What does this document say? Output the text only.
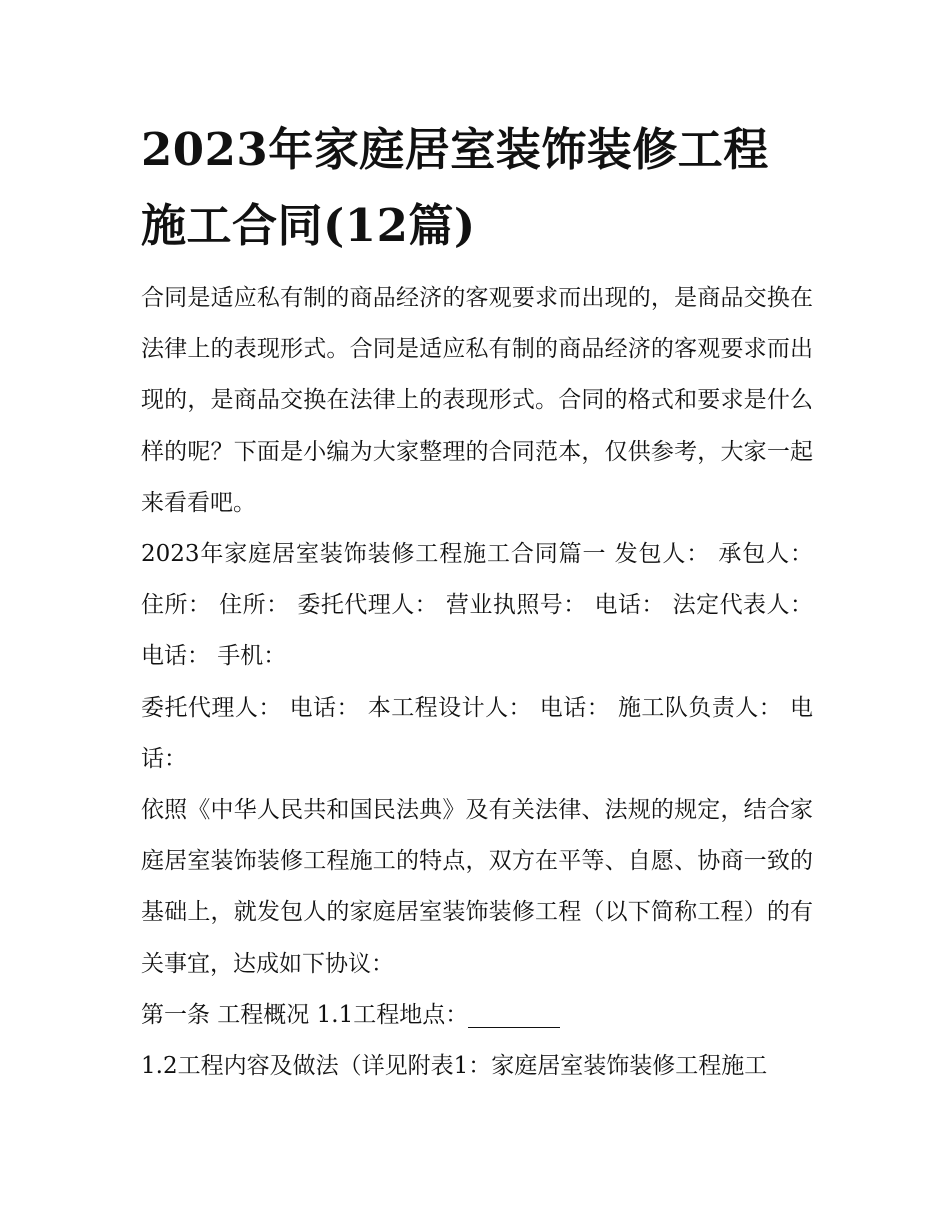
2023年家庭居室装饰装修工程
施工合同(12篇)

合同是适应私有制的商品经济的客观要求而出现的，是商品交换在法律上的表现形式。合同是适应私有制的商品经济的客观要求而出现的，是商品交换在法律上的表现形式。合同的格式和要求是什么样的呢？下面是小编为大家整理的合同范本，仅供参考，大家一起来看看吧。

2023年家庭居室装饰装修工程施工合同篇一 发包人： 承包人： 住所： 住所： 委托代理人： 营业执照号： 电话： 法定代表人： 电话： 手机：

委托代理人： 电话： 本工程设计人： 电话： 施工队负责人： 电话：

依照《中华人民共和国民法典》及有关法律、法规的规定，结合家庭居室装饰装修工程施工的特点，双方在平等、自愿、协商一致的基础上，就发包人的家庭居室装饰装修工程（以下简称工程）的有关事宜，达成如下协议：

第一条 工程概况 1.1工程地点：

1.2工程内容及做法（详见附表1：家庭居室装饰装修工程施工
